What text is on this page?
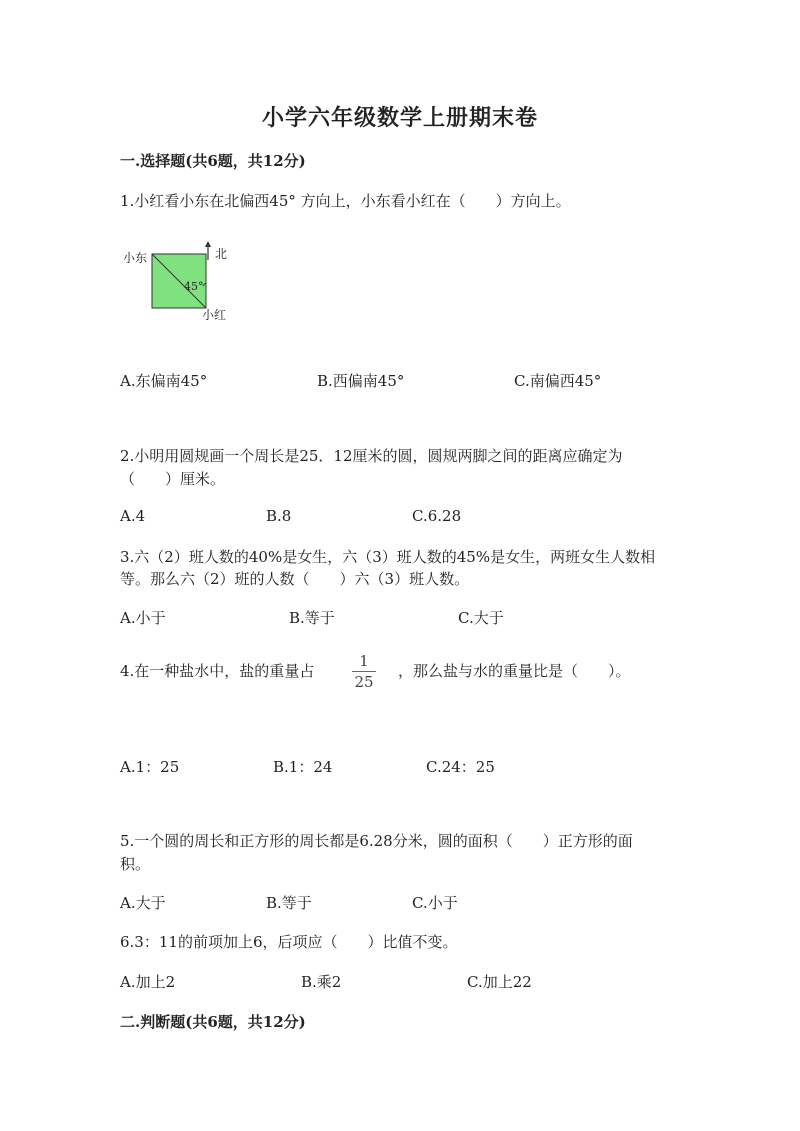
小学六年级数学上册期末卷
一.选择题(共6题，共12分)
1.小红看小东在北偏西45° 方向上，小东看小红在（　　）方向上。
小东	北
小红
45°
A.东偏南45°	B.西偏南45°	C.南偏西45°
2.小明用圆规画一个周长是25．12厘米的圆，圆规两脚之间的距离应确定为
（　　）厘米。
A.4	B.8	C.6.28
3.六（2）班人数的40%是女生，六（3）班人数的45%是女生，两班女生人数相
等。那么六（2）班的人数（　　）六（3）班人数。
A.小于	B.等于	C.大于
4.在一种盐水中，盐的重量占
1
25
，那么盐与水的重量比是（　　）。
A.1：25	B.1：24	C.24：25
5.一个圆的周长和正方形的周长都是6.28分米，圆的面积（　　）正方形的面
积。
A.大于	B.等于	C.小于
6.3：11的前项加上6，后项应（　　）比值不变。
A.加上2	B.乘2	C.加上22
二.判断题(共6题，共12分)
